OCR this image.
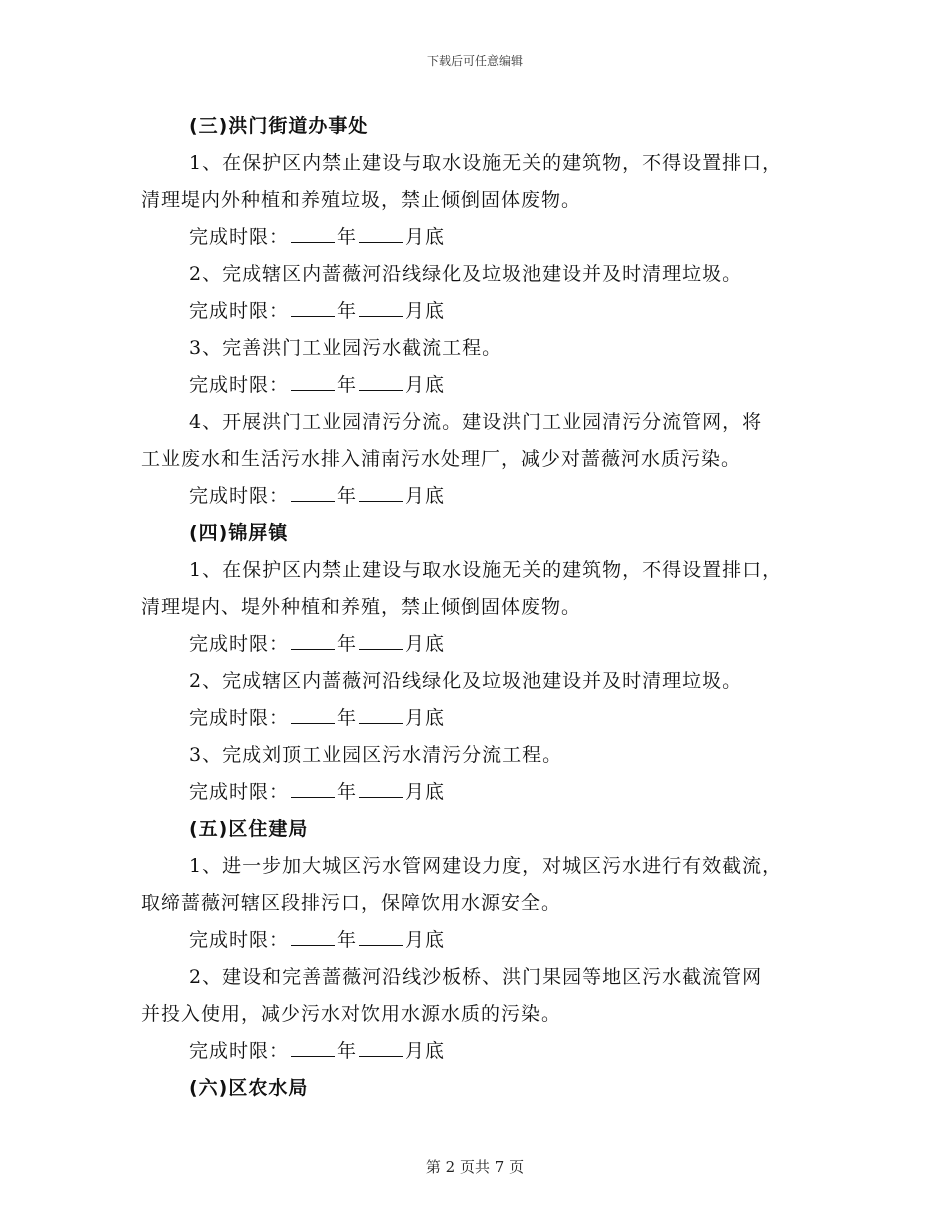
下载后可任意编辑
(三)洪门街道办事处
1、在保护区内禁止建设与取水设施无关的建筑物，不得设置排口，
清理堤内外种植和养殖垃圾，禁止倾倒固体废物。
完成时限：	年	月底
2、完成辖区内蔷薇河沿线绿化及垃圾池建设并及时清理垃圾。
完成时限：	年	月底
3、完善洪门工业园污水截流工程。
完成时限：	年	月底
4、开展洪门工业园清污分流。建设洪门工业园清污分流管网，将
工业废水和生活污水排入浦南污水处理厂，减少对蔷薇河水质污染。
完成时限：	年	月底
(四)锦屏镇
1、在保护区内禁止建设与取水设施无关的建筑物，不得设置排口，
清理堤内、堤外种植和养殖，禁止倾倒固体废物。
完成时限：	年	月底
2、完成辖区内蔷薇河沿线绿化及垃圾池建设并及时清理垃圾。
完成时限：	年	月底
3、完成刘顶工业园区污水清污分流工程。
完成时限：	年	月底
(五)区住建局
1、进一步加大城区污水管网建设力度，对城区污水进行有效截流，
取缔蔷薇河辖区段排污口，保障饮用水源安全。
完成时限：	年	月底
2、建设和完善蔷薇河沿线沙板桥、洪门果园等地区污水截流管网
并投入使用，减少污水对饮用水源水质的污染。
完成时限：	年	月底
(六)区农水局
第 2 页共 7 页
